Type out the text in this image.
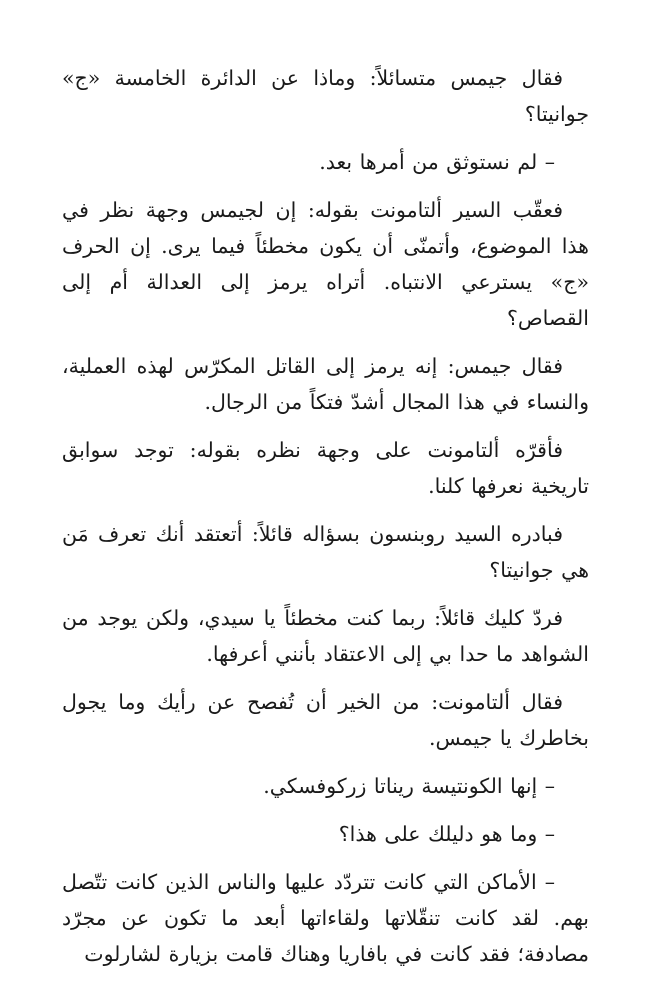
فقال جيمس متسائلاً: وماذا عن الدائرة الخامسة «ج» جوانيتا؟

– لم نستوثق من أمرها بعد.

فعقّب السير ألتامونت بقوله: إن لجيمس وجهة نظر في هذا الموضوع، وأتمنّى أن يكون مخطئاً فيما يرى. إن الحرف «ج» يسترعي الانتباه. أتراه يرمز إلى العدالة أم إلى القصاص؟

فقال جيمس: إنه يرمز إلى القاتل المكرّس لهذه العملية، والنساء في هذا المجال أشدّ فتكاً من الرجال.

فأقرّه ألتامونت على وجهة نظره بقوله: توجد سوابق تاريخية نعرفها كلنا.

فبادره السيد روبنسون بسؤاله قائلاً: أتعتقد أنك تعرف مَن هي جوانيتا؟

فردّ كليك قائلاً: ربما كنت مخطئاً يا سيدي، ولكن يوجد من الشواهد ما حدا بي إلى الاعتقاد بأنني أعرفها.

فقال ألتامونت: من الخير أن تُفصح عن رأيك وما يجول بخاطرك يا جيمس.

– إنها الكونتيسة ريناتا زركوفسكي.

– وما هو دليلك على هذا؟

– الأماكن التي كانت تتردّد عليها والناس الذين كانت تتّصل بهم. لقد كانت تنقّلاتها ولقاءاتها أبعد ما تكون عن مجرّد مصادفة؛ فقد كانت في بافاريا وهناك قامت بزيارة لشارلوت
